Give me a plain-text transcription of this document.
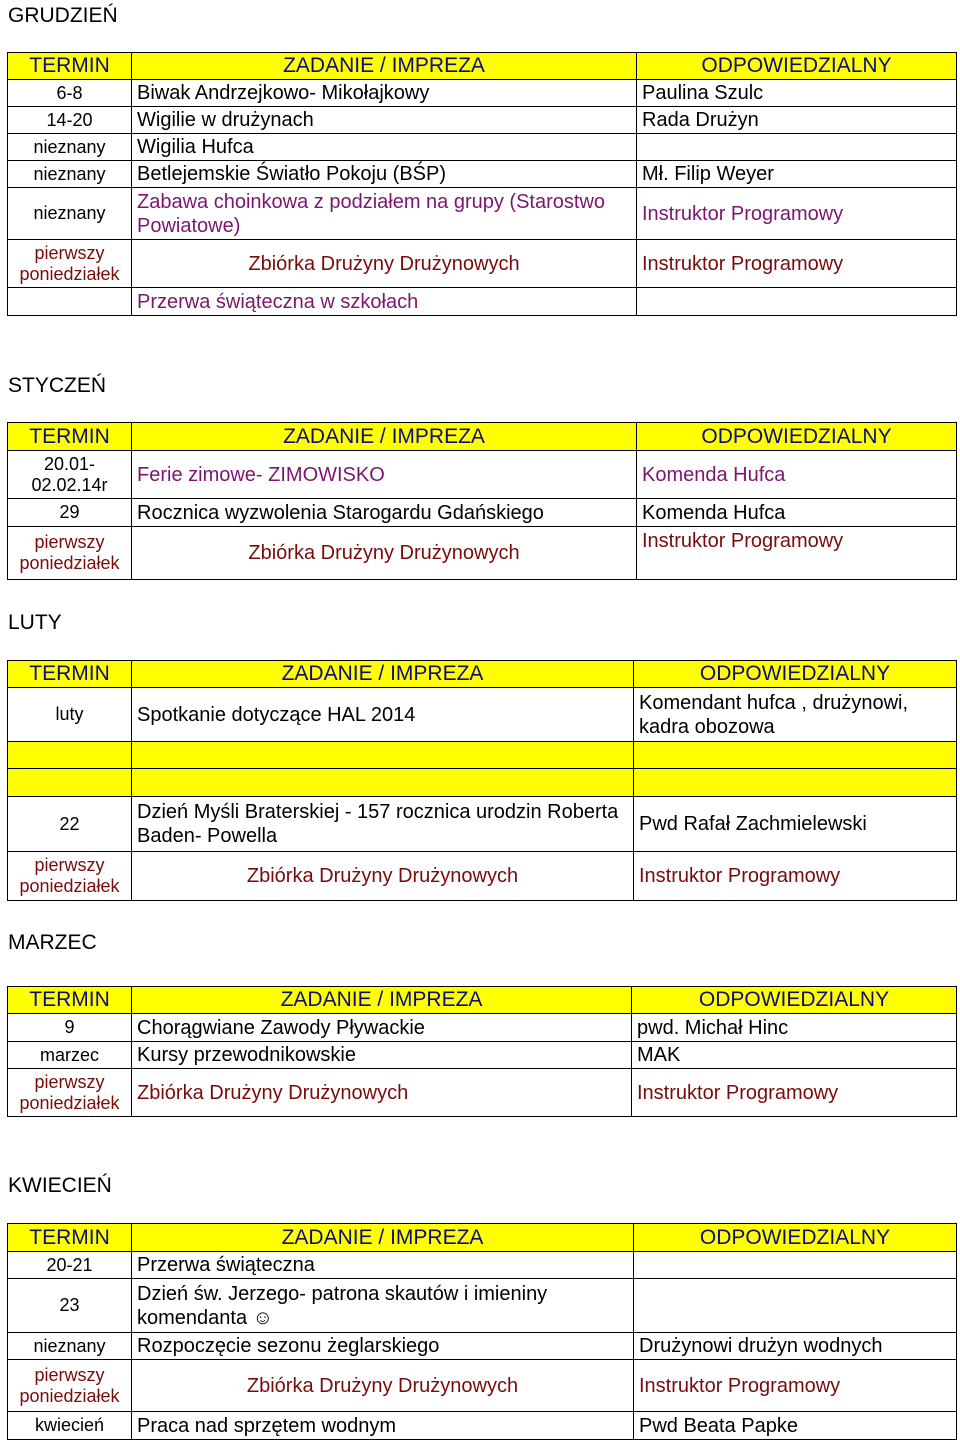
GRUDZIEŃ
TERMIN	ZADANIE / IMPREZA	ODPOWIEDZIALNY
6-8	Biwak Andrzejkowo- Mikołajkowy	Paulina Szulc
14-20	Wigilie w drużynach	Rada Drużyn
nieznany	Wigilia Hufca	
nieznany	Betlejemskie Światło Pokoju (BŚP)	Mł. Filip Weyer
nieznany	Zabawa choinkowa z podziałem na grupy (Starostwo Powiatowe)	Instruktor Programowy
pierwszy poniedziałek	Zbiórka Drużyny Drużynowych	Instruktor Programowy
	Przerwa świąteczna w szkołach	
STYCZEŃ
TERMIN	ZADANIE / IMPREZA	ODPOWIEDZIALNY
20.01-02.02.14r	Ferie zimowe- ZIMOWISKO	Komenda Hufca
29	Rocznica wyzwolenia Starogardu Gdańskiego	Komenda Hufca
pierwszy poniedziałek	Zbiórka Drużyny Drużynowych	Instruktor Programowy
LUTY
TERMIN	ZADANIE / IMPREZA	ODPOWIEDZIALNY
luty	Spotkanie dotyczące HAL 2014	Komendant hufca , drużynowi, kadra obozowa

22	Dzień Myśli Braterskiej - 157 rocznica urodzin Roberta Baden- Powella	Pwd Rafał Zachmielewski
pierwszy poniedziałek	Zbiórka Drużyny Drużynowych	Instruktor Programowy
MARZEC
TERMIN	ZADANIE / IMPREZA	ODPOWIEDZIALNY
9	Chorągwiane Zawody Pływackie	pwd. Michał Hinc
marzec	Kursy przewodnikowskie	MAK
pierwszy poniedziałek	Zbiórka Drużyny Drużynowych	Instruktor Programowy
KWIECIEŃ
TERMIN	ZADANIE / IMPREZA	ODPOWIEDZIALNY
20-21	Przerwa świąteczna	
23	Dzień św. Jerzego- patrona skautów i imieniny komendanta ☺	
nieznany	Rozpoczęcie sezonu żeglarskiego	Drużynowi drużyn wodnych
pierwszy poniedziałek	Zbiórka Drużyny Drużynowych	Instruktor Programowy
kwiecień	Praca nad sprzętem wodnym	Pwd Beata Papke
